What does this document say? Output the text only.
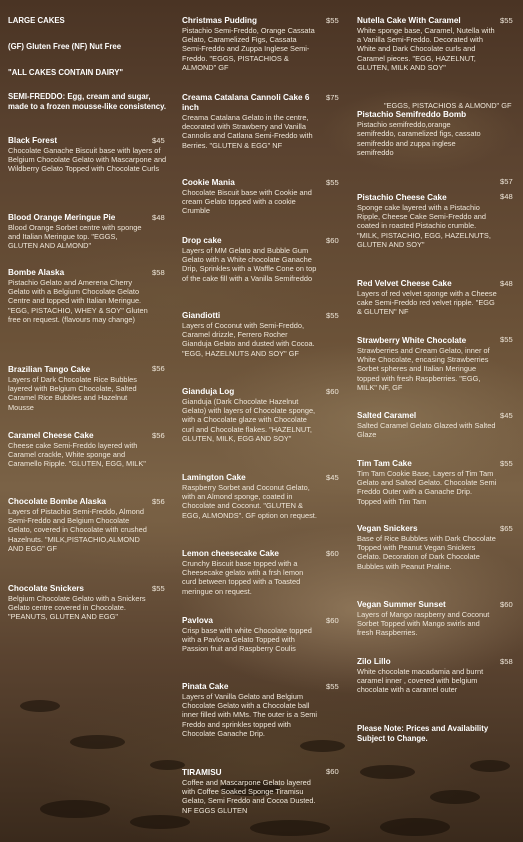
LARGE CAKES
(GF) Gluten Free (NF) Nut Free
"ALL CAKES CONTAIN DAIRY"
SEMI-FREDDO: Egg, cream and sugar, made to a frozen mousse-like consistency.
Black Forest
Chocolate Ganache Biscuit base with layers of Belgium Chocolate Gelato with Mascarpone and Wildberry Gelato Topped with Chocolate Curls
$45
Blood Orange Meringue Pie
Blood Orange Sorbet centre with sponge and Italian Meringue top. "EGGS, GLUTEN AND ALMOND"
$48
Bombe Alaska
Pistachio Gelato and Amerena Cherry Gelato with a Belgium Chocolate Gelato Centre and topped with Italian Meringue. "EGG, PISTACHIO, WHEY & SOY" Gluten free on request. (flavours may change)
$58
Brazilian Tango Cake
Layers of Dark Chocolate Rice Bubbles layered with Belgium Chocolate, Salted Caramel Rice Bubbles and Hazelnut Mousse
$56
Caramel Cheese Cake
Cheese cake Semi-Freddo layered with Caramel crackle, White sponge and Caramello Ripple. "GLUTEN, EGG, MILK"
$56
Chocolate Bombe Alaska
Layers of Pistachio Semi-Freddo, Almond Semi-Freddo and Belgium Chocolate Gelato, covered in Chocolate with crushed Hazelnuts. "MILK,PISTACHIO,ALMOND AND EGG" GF
$56
Chocolate Snickers
Belgium Chocolate Gelato with a Snickers Gelato centre covered in Chocolate. "PEANUTS, GLUTEN AND EGG"
$55
Christmas Pudding
Pistachio Semi-Freddo, Orange Cassata Gelato, Caramelized Figs, Cassata Semi-Freddo and Zuppa Inglese Semi-Freddo. "EGGS, PISTACHIOS & ALMOND" GF
$55
Creama Catalana Cannoli Cake 6 inch
Creama Catalana Gelato in the centre, decorated with Strawberry and Vanilla Cannolis and Catlana Semi-Freddo with Berries. "GLUTEN & EGG" NF
$75
Cookie Mania
Chocolate Biscuit base with Cookie and cream Gelato topped with a cookie Crumble
$55
Drop cake
Layers of MM Gelato and Bubble Gum Gelato with a White chocolate Ganache Drip, Sprinkles with a Waffle Cone on top of the cake fill with a Vanilla Semifreddo
$60
Giandiotti
Layers of Coconut with Semi-Freddo, Caramel drizzle, Ferrero Rocher Gianduja Gelato and dusted with Cocoa. "EGG, HAZELNUTS AND SOY" GF
$55
Gianduja Log
Gianduja (Dark Chocolate Hazelnut Gelato) with layers of Chocolate sponge, with a Chocolate glaze with Chocolate curl and Chocolate flakes. "HAZELNUT, GLUTEN, MILK, EGG AND SOY"
$60
Lamington Cake
Raspberry Sorbet and Coconut Gelato, with an Almond sponge, coated in Chocolate and Coconut. "GLUTEN & EGG, ALMONDS". GF option on request.
$45
Lemon cheesecake Cake
Crunchy Biscuit base topped with a Cheesecake gelato with a frsh lemon curd between topped with a Toasted meringue on request.
$60
Pavlova
Crisp base with white Chocolate topped with a Pavlova Gelato Topped with Passion fruit and Raspberry Coulis
$60
Pinata Cake
Layers of Vanilla Gelato and Belgium Chocolate Gelato with a Chocolate ball inner filled with MMs. The outer is a Semi Freddo and sprinkles topped with Chocolate Ganache Drip.
$55
TIRAMISU
Coffee and Mascarpone Gelato layered with Coffee Soaked Sponge Tiramisu Gelato, Semi Freddo and Cocoa Dusted. NF EGGS GLUTEN
$60
Nutella Cake With Caramel
White sponge base, Caramel, Nutella with a Vanilla Semi-Freddo. Decorated with White and Dark Chocolate curls and Caramel pieces. "EGG, HAZELNUT, GLUTEN, MILK AND SOY"
$55
"EGGS, PISTACHIOS & ALMOND" GF
Pistachio Semifreddo Bomb
Pistachio semifreddo,orange semifreddo, caramelized figs, cassato semifreddo and zuppa inglese semifreddo
$57
Pistachio Cheese Cake
Sponge cake layered with a Pistachio Ripple, Cheese Cake Semi-Freddo and coated in roasted Pistachio crumble. "MILK, PISTACHIO, EGG, HAZELNUTS, GLUTEN AND SOY"
$48
Red Velvet Cheese Cake
Layers of red velvet sponge with a Cheese cake Semi-Freddo red velvet ripple. "EGG & GLUTEN" NF
$48
Strawberry White Chocolate
Strawberries and Cream Gelato, inner of White Chocolate, encasing Strawberries Sorbet spheres and Italian Meringue topped with fresh Raspberries. "EGG, MILK" NF, GF
$55
Salted Caramel
Salted Caramel Gelato Glazed with Salted Glaze
$45
Tim Tam Cake
Tim Tam Cookie Base, Layers of Tim Tam Gelato and Salted Gelato. Chocolate Semi Freddo Outer with a Ganache Drip. Topped with Tim Tam
$55
Vegan Snickers
Base of Rice Bubbles with Dark Chocolate Topped with Peanut Vegan Snickers Gelato. Decoration of Dark Chocolate Bubbles with Peanut Praline.
$65
Vegan Summer Sunset
Layers of Mango raspberry and Coconut Sorbet Topped with Mango swirls and fresh Raspberries.
$60
Zilo Lillo
White chocolate macadamia and burnt caramel inner , covered with belgium chocolate with a caramel outer
$58
Please Note: Prices and Availability Subject to Change.
